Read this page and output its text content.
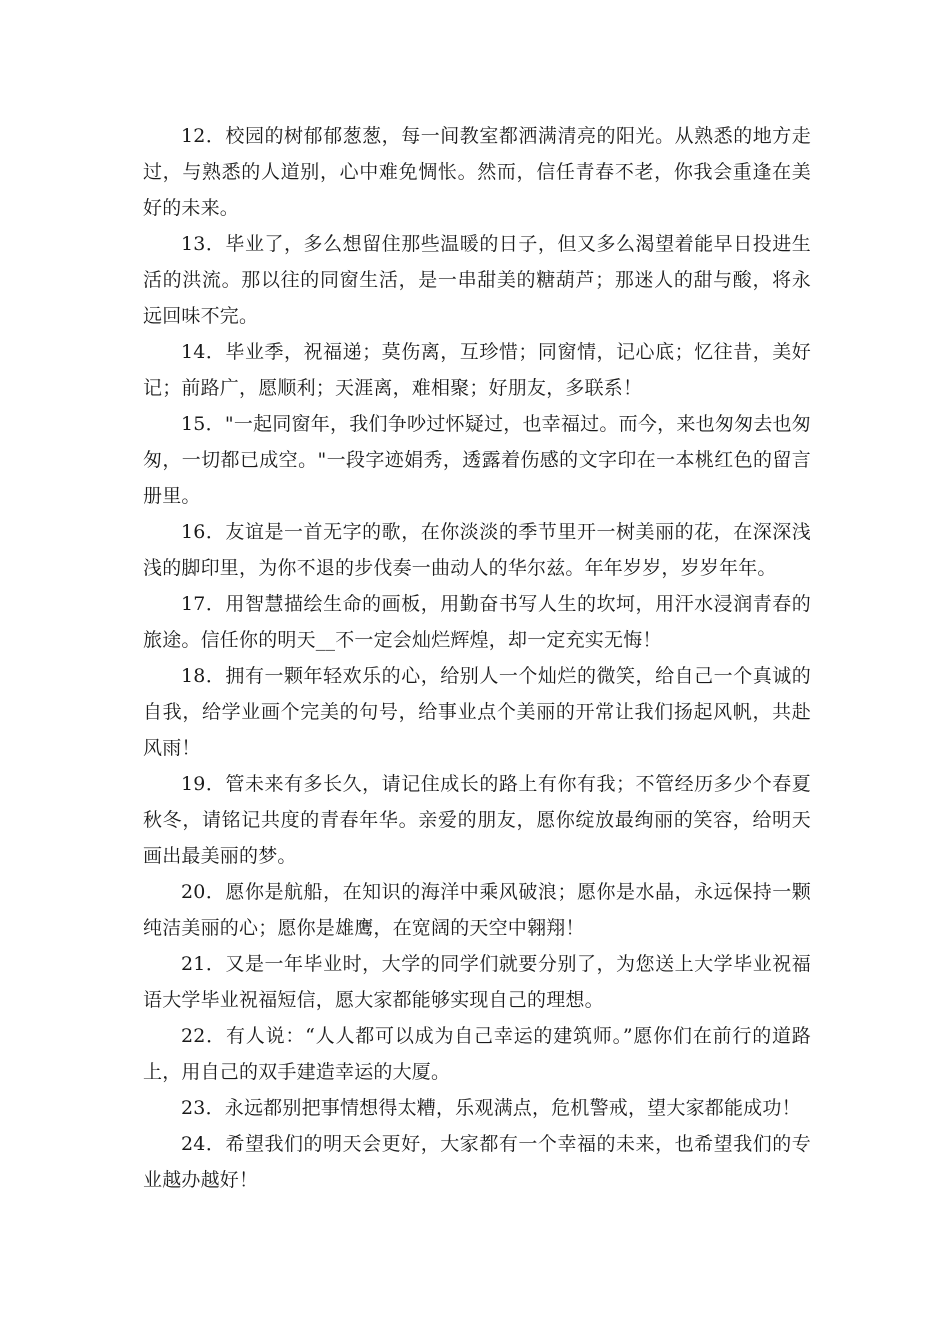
12．校园的树郁郁葱葱，每一间教室都洒满清亮的阳光。从熟悉的地方走过，与熟悉的人道别，心中难免惆怅。然而，信任青春不老，你我会重逢在美好的未来。

13．毕业了，多么想留住那些温暖的日子，但又多么渴望着能早日投进生活的洪流。那以往的同窗生活，是一串甜美的糖葫芦；那迷人的甜与酸，将永远回味不完。

14．毕业季，祝福递；莫伤离，互珍惜；同窗情，记心底；忆往昔，美好记；前路广，愿顺利；天涯离，难相聚；好朋友，多联系！

15．"一起同窗年，我们争吵过怀疑过，也幸福过。而今，来也匆匆去也匆匆，一切都已成空。"一段字迹娟秀，透露着伤感的文字印在一本桃红色的留言册里。

16．友谊是一首无字的歌，在你淡淡的季节里开一树美丽的花，在深深浅浅的脚印里，为你不退的步伐奏一曲动人的华尔兹。年年岁岁，岁岁年年。

17．用智慧描绘生命的画板，用勤奋书写人生的坎坷，用汗水浸润青春的旅途。信任你的明天__不一定会灿烂辉煌，却一定充实无悔！

18．拥有一颗年轻欢乐的心，给别人一个灿烂的微笑，给自己一个真诚的自我，给学业画个完美的句号，给事业点个美丽的开常让我们扬起风帆，共赴风雨！

19．管未来有多长久，请记住成长的路上有你有我；不管经历多少个春夏秋冬，请铭记共度的青春年华。亲爱的朋友，愿你绽放最绚丽的笑容，给明天画出最美丽的梦。

20．愿你是航船，在知识的海洋中乘风破浪；愿你是水晶，永远保持一颗纯洁美丽的心；愿你是雄鹰，在宽阔的天空中翱翔！

21．又是一年毕业时，大学的同学们就要分别了，为您送上大学毕业祝福语大学毕业祝福短信，愿大家都能够实现自己的理想。

22．有人说：“人人都可以成为自己幸运的建筑师。”愿你们在前行的道路上，用自己的双手建造幸运的大厦。

23．永远都别把事情想得太糟，乐观满点，危机警戒，望大家都能成功！

24．希望我们的明天会更好，大家都有一个幸福的未来，也希望我们的专业越办越好！
